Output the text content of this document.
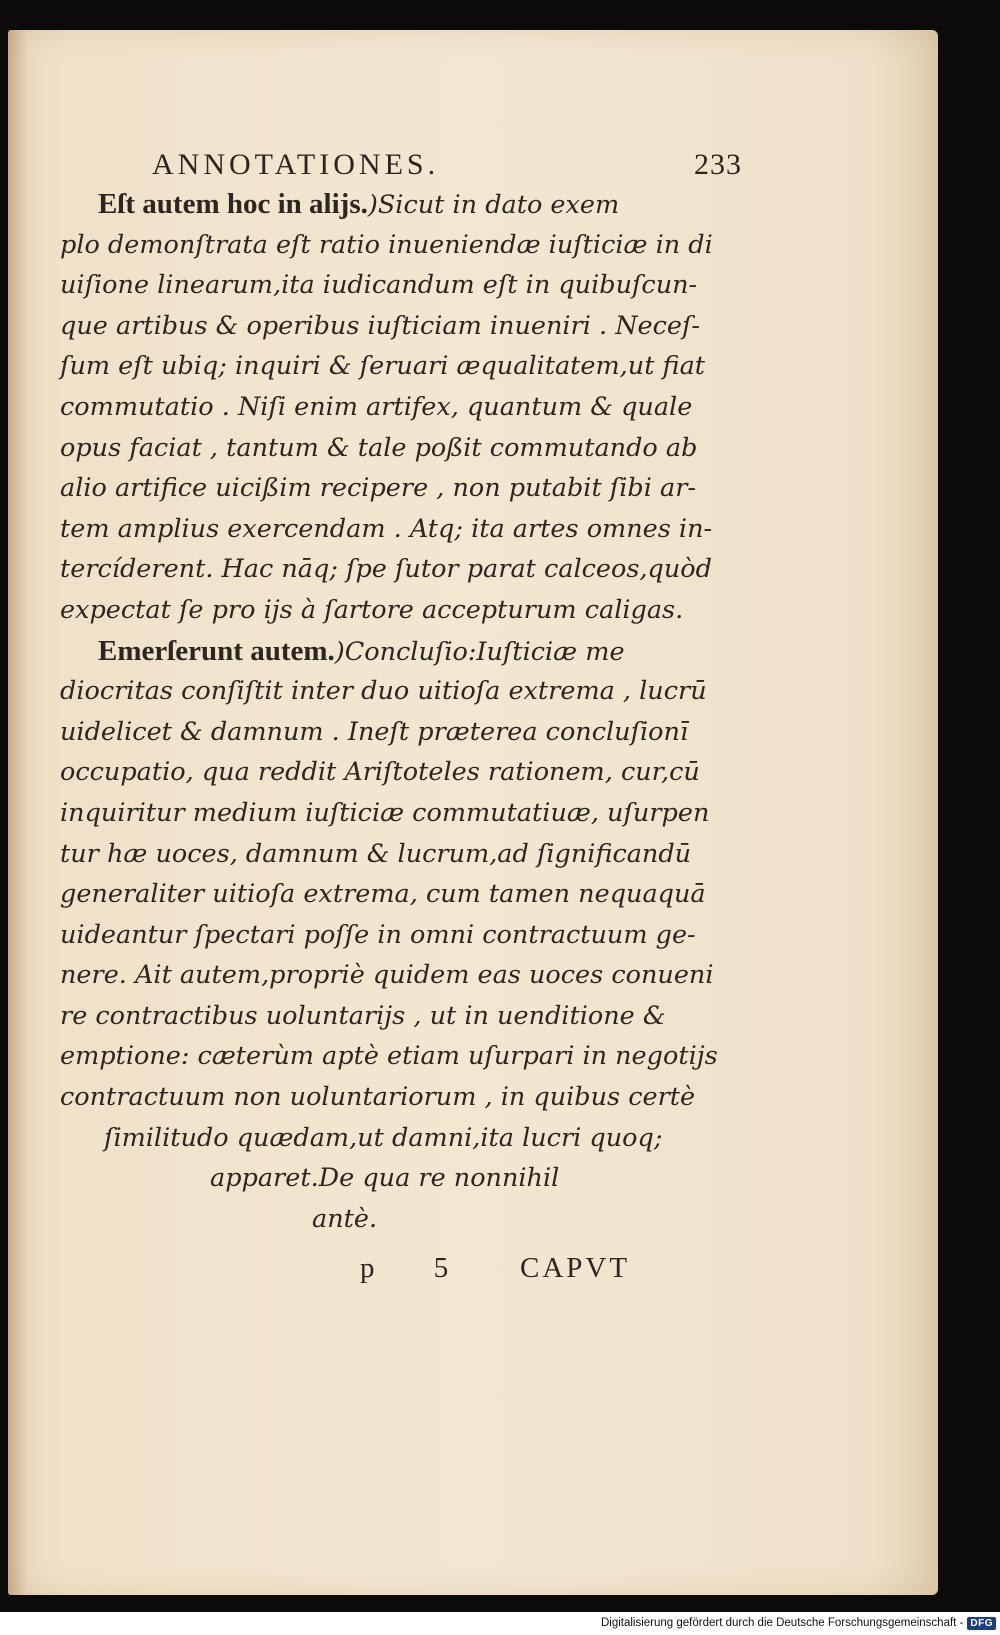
ANNOTATIONES.	233
Eſt autem hoc in alijs.)Sicut in dato exem
plo demonſtrata eſt ratio inueniendæ iuſticiæ in di
uiſione linearum,ita iudicandum eſt in quibuſcun-
que artibus & operibus iuſticiam inueniri . Neceſ-
ſum eſt ubiq; inquiri & ſeruari æqualitatem,ut fiat
commutatio . Niſi enim artifex, quantum & quale
opus faciat , tantum & tale poßit commutando ab
alio artifice uicißim recipere , non putabit ſibi ar-
tem amplius exercendam . Atq; ita artes omnes in-
tercíderent. Hac nāq; ſpe ſutor parat calceos,quòd
expectat ſe pro iјs à ſartore accepturum caligas.
Emerſerunt autem.)Concluſio:Iuſticiæ me
diocritas conſiſtit inter duo uitioſa extrema , lucrū
uidelicet & damnum . Ineſt præterea concluſionī
occupatio, qua reddit Ariſtoteles rationem, cur,cū
inquiritur medium iuſticiæ commutatiuæ, uſurpen
tur hæ uoces, damnum & lucrum,ad ſignificandū
generaliter uitioſa extrema, cum tamen nequaquā
uideantur ſpectari poſſe in omni contractuum ge-
nere. Ait autem,propriè quidem eas uoces conueni
re contractibus uoluntarijs , ut in uenditione &
emptione: cæterùm aptè etiam uſurpari in negotijs
contractuum non uoluntariorum , in quibus certè
ſimilitudo quædam,ut damni,ita lucri quoq;
apparet.De qua re nonnihil
antè.
p 5	CAPVT
Digitalisierung gefördert durch die Deutsche Forschungsgemeinschaft - DFG
